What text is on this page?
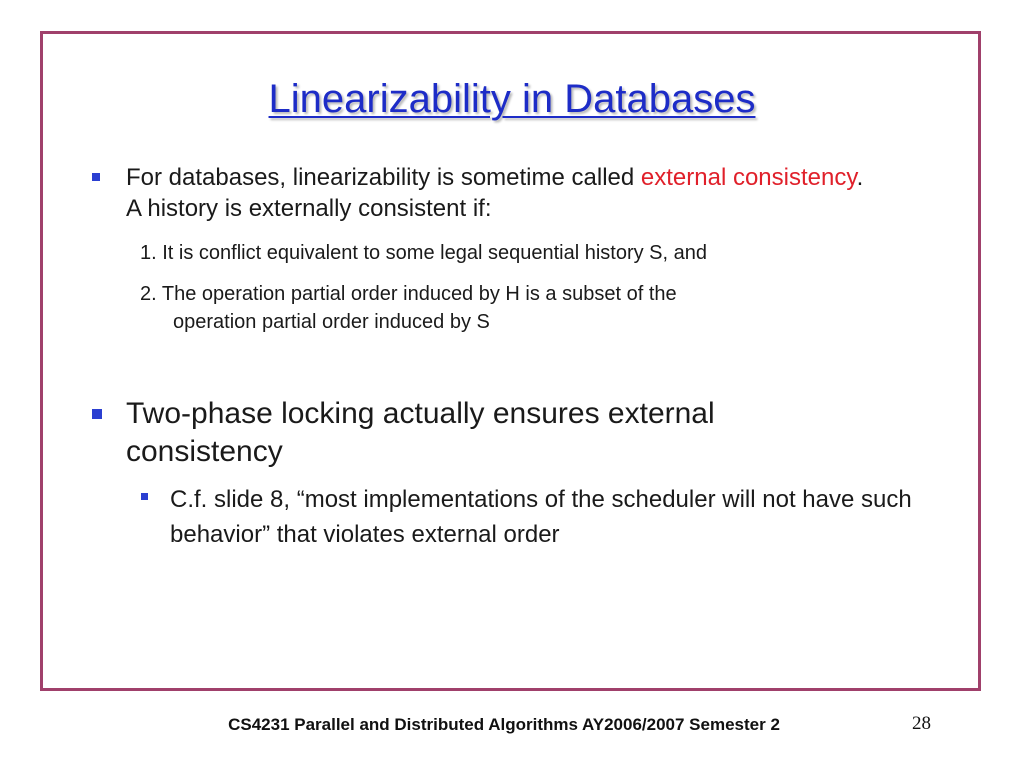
Linearizability in Databases
For databases, linearizability is sometime called external consistency. A history is externally consistent if:
1. It is conflict equivalent to some legal sequential history S, and
2. The operation partial order induced by H is a subset of the
operation partial order induced by S
Two-phase locking actually ensures external consistency
C.f. slide 8, “most implementations of the scheduler will not have such behavior” that violates external order
CS4231 Parallel and Distributed Algorithms AY2006/2007 Semester 2	28
